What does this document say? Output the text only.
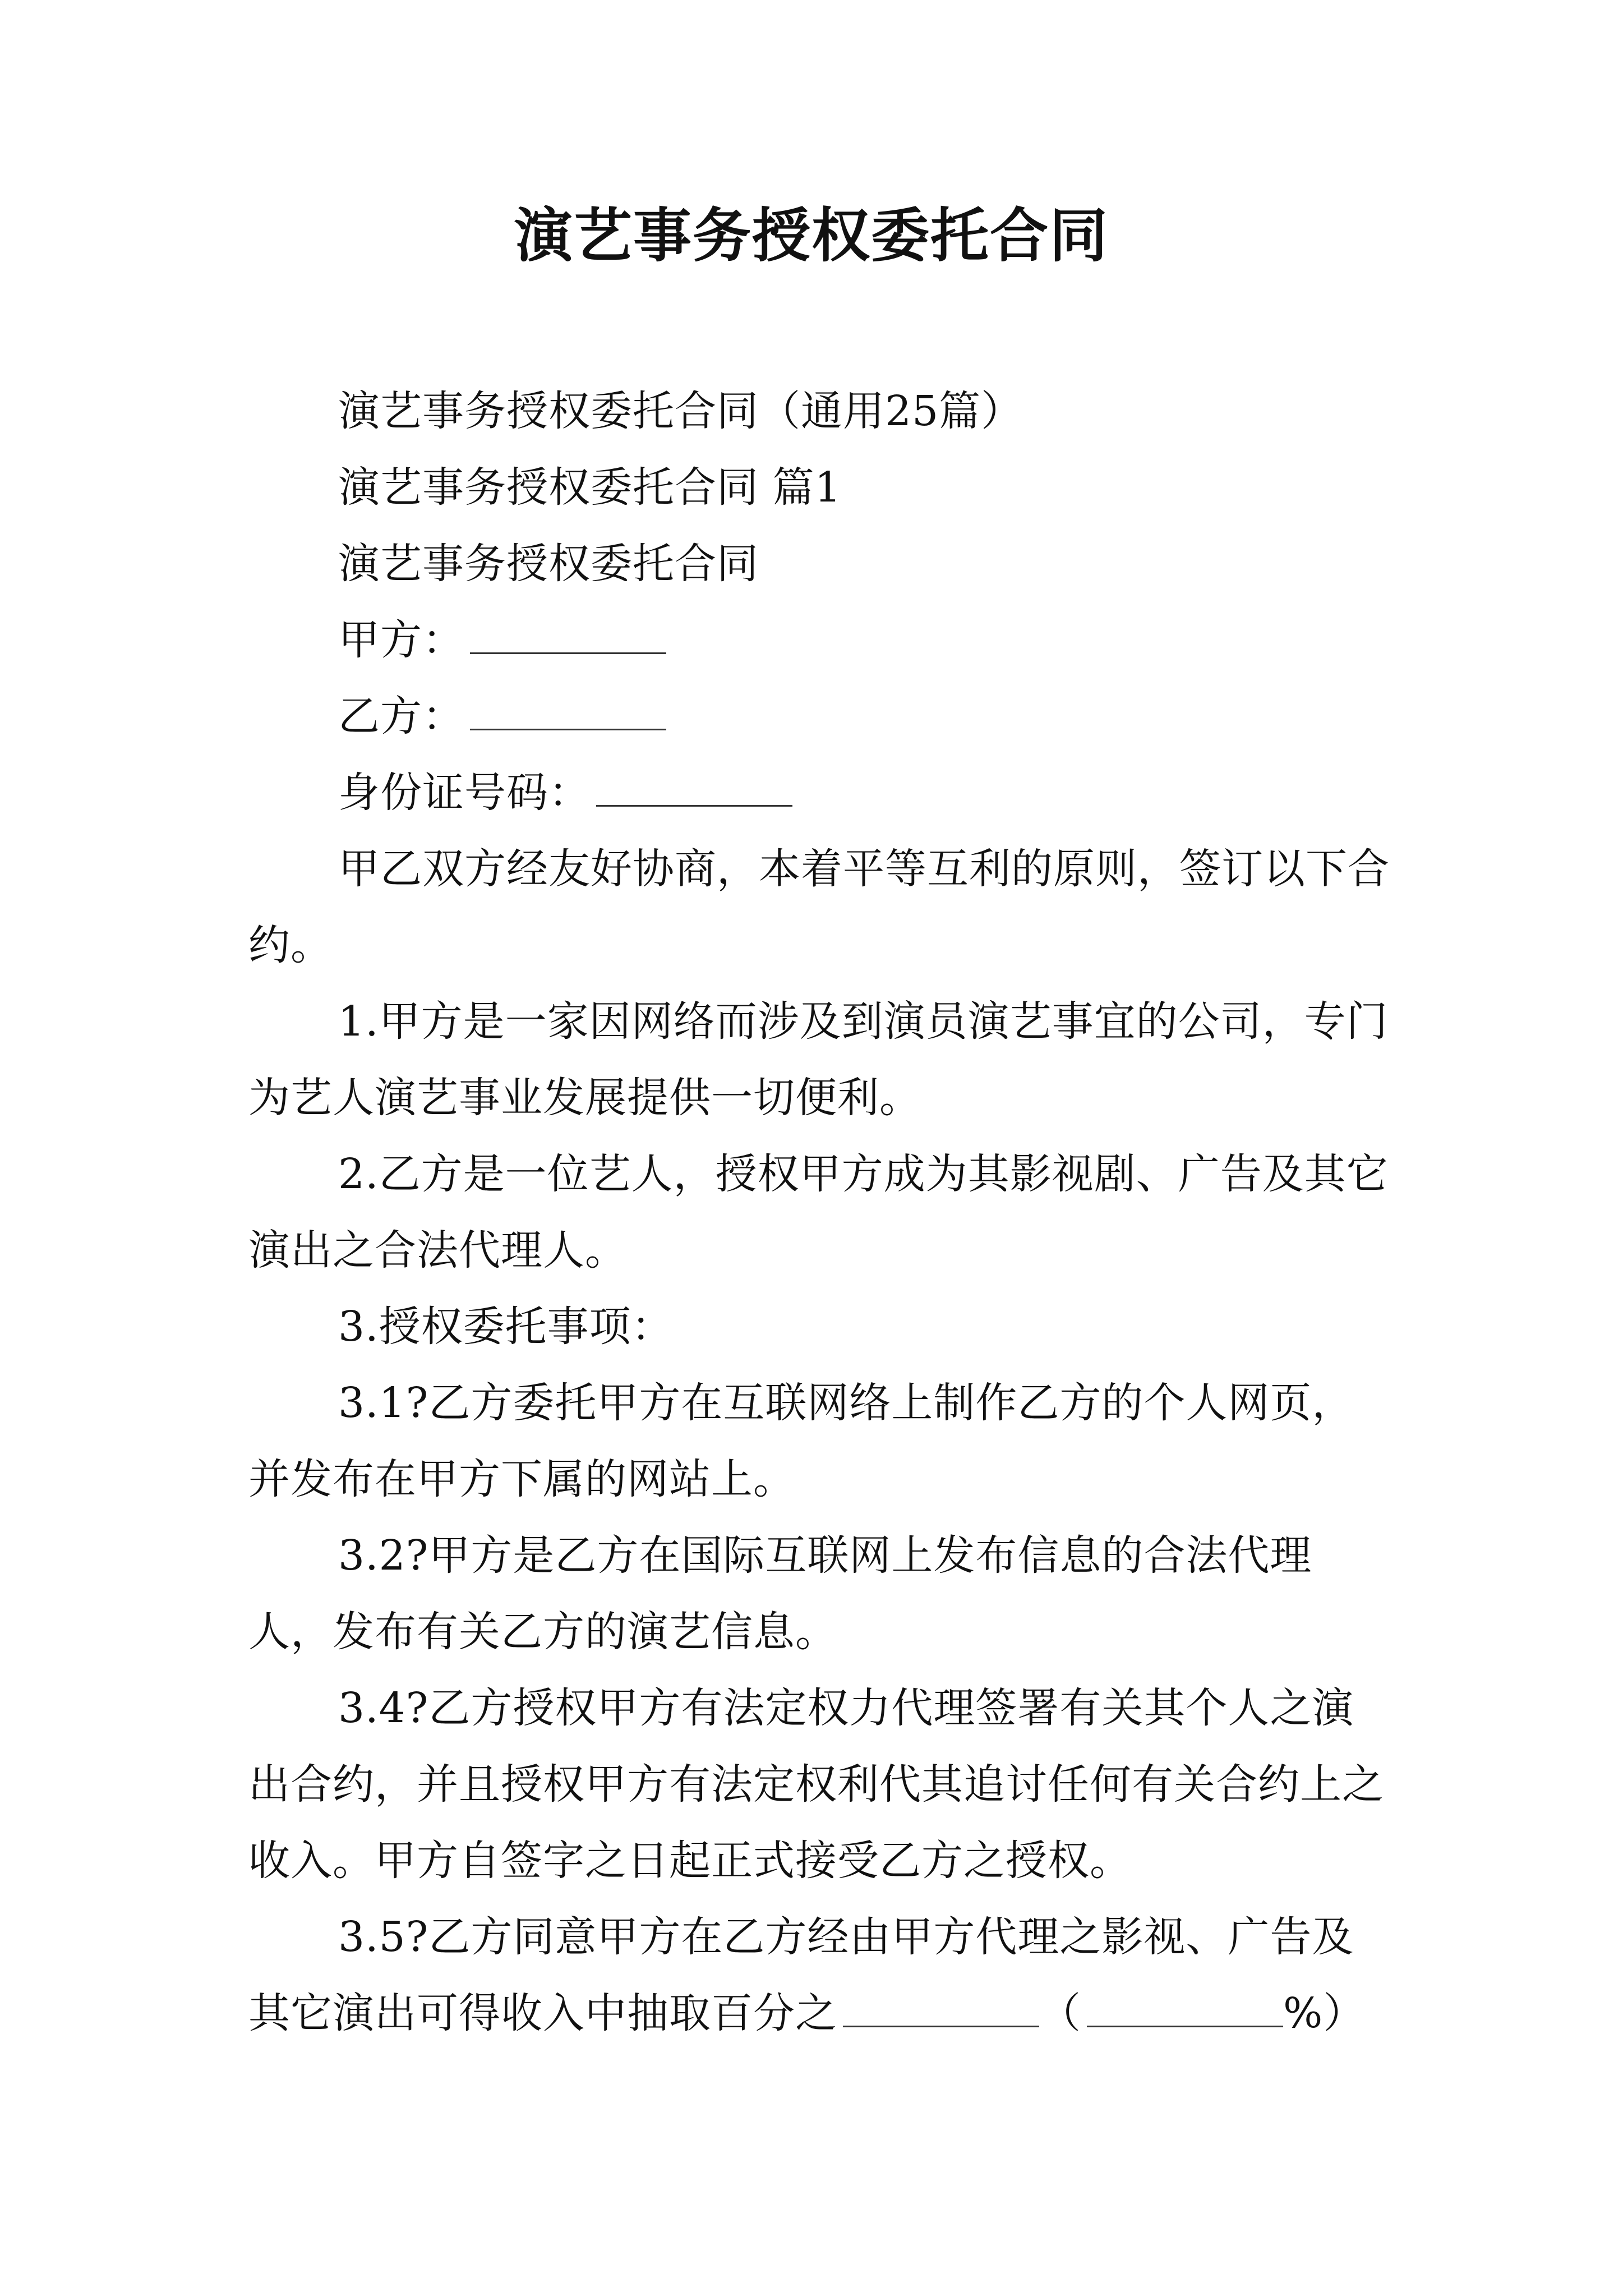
演艺事务授权委托合同

演艺事务授权委托合同（通用25篇）

演艺事务授权委托合同 篇1

演艺事务授权委托合同

甲方：

乙方：

身份证号码：

甲乙双方经友好协商，本着平等互利的原则，签订以下合约。

1.甲方是一家因网络而涉及到演员演艺事宜的公司，专门为艺人演艺事业发展提供一切便利。

2.乙方是一位艺人，授权甲方成为其影视剧、广告及其它演出之合法代理人。

3.授权委托事项：

3.1?乙方委托甲方在互联网络上制作乙方的个人网页，并发布在甲方下属的网站上。

3.2?甲方是乙方在国际互联网上发布信息的合法代理人，发布有关乙方的演艺信息。

3.4?乙方授权甲方有法定权力代理签署有关其个人之演出合约，并且授权甲方有法定权利代其追讨任何有关合约上之收入。甲方自签字之日起正式接受乙方之授权。

3.5?乙方同意甲方在乙方经由甲方代理之影视、广告及其它演出可得收入中抽取百分之	（	%）
